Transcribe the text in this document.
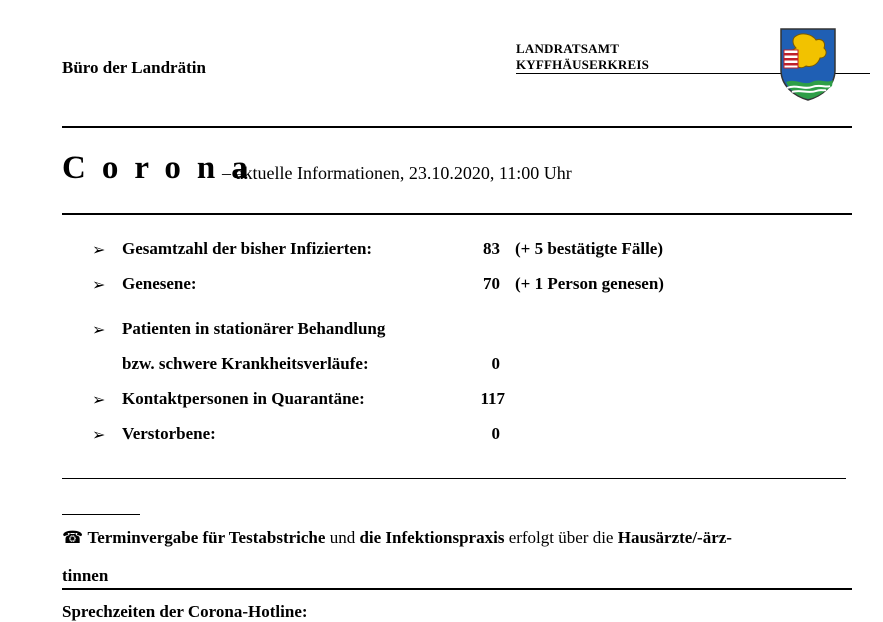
Büro der Landrätin
LANDRATSAMT
KYFFHÄUSERKREIS
Corona
– aktuelle Informationen, 23.10.2020, 11:00 Uhr
➢ Gesamtzahl der bisher Infizierten:	83 (+ 5 bestätigte Fälle)
➢ Genesene:	70 (+ 1 Person genesen)
➢ Patienten in stationärer Behandlung
bzw. schwere Krankheitsverläufe:	0
➢ Kontaktpersonen in Quarantäne:	117
➢ Verstorbene:	0
☎ Terminvergabe für Testabstriche und die Infektionspraxis erfolgt über die Hausärzte/-ärz-
tinnen
Sprechzeiten der Corona-Hotline:
